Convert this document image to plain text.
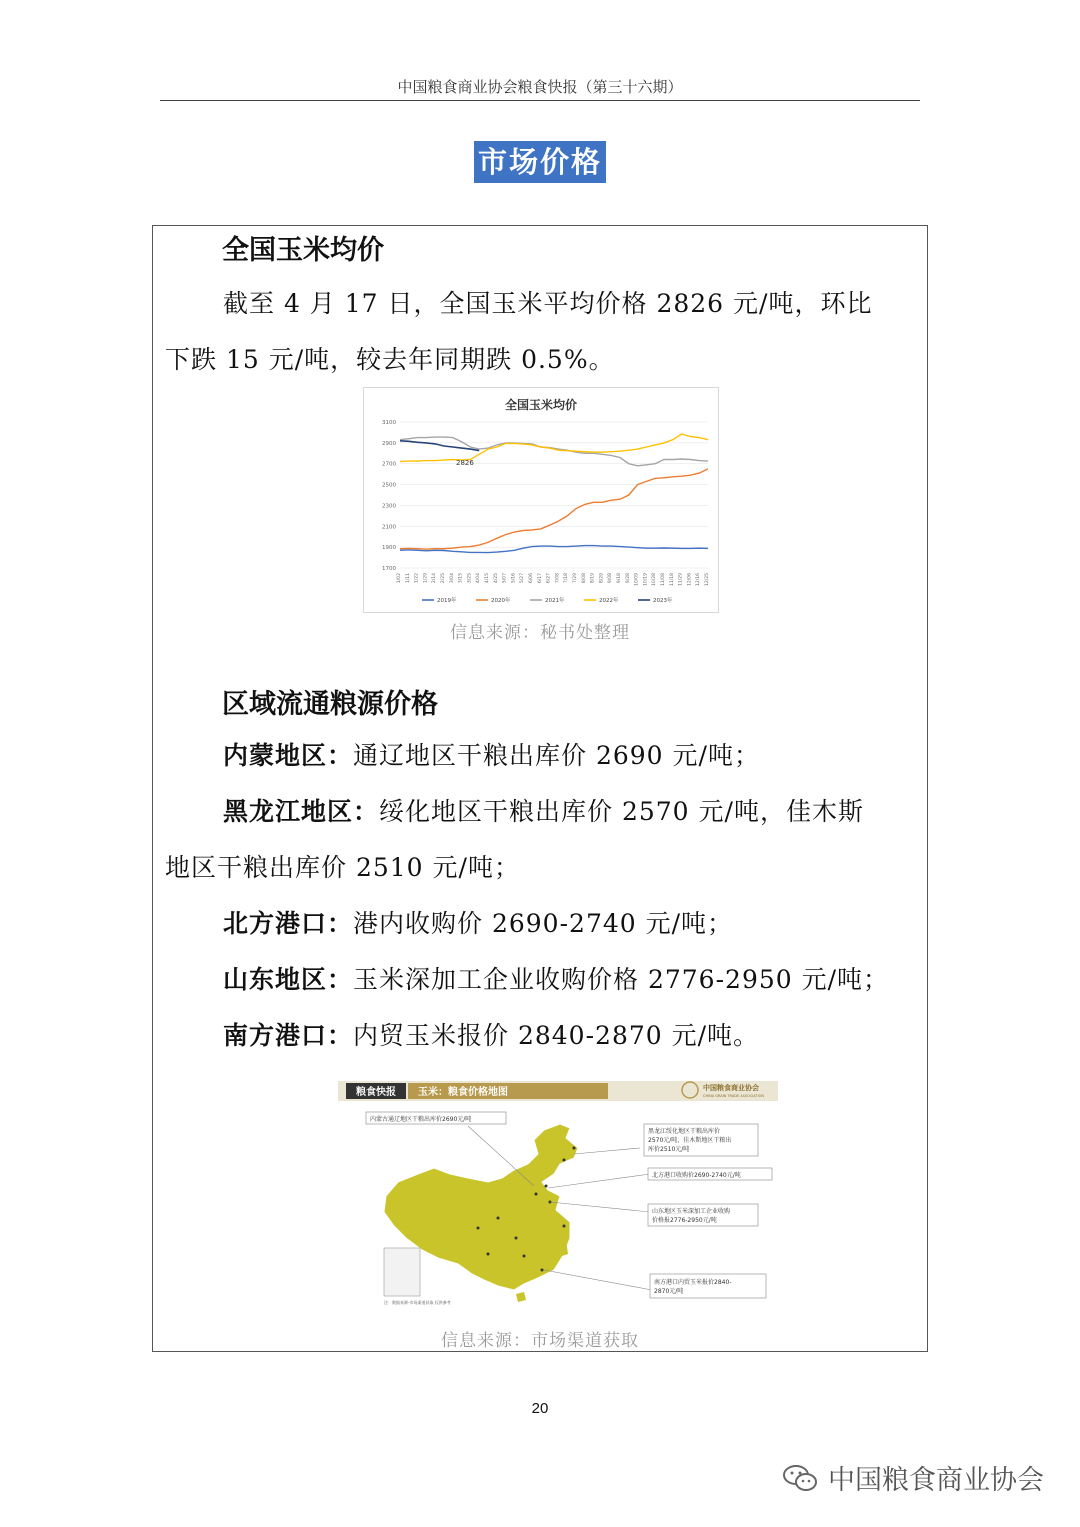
中国粮食商业协会粮食快报（第三十六期）
市场价格
全国玉米均价
截至 4 月 17 日，全国玉米平均价格 2826 元/吨，环比
下跌 15 元/吨，较去年同期跌 0.5%。
全国玉米均价
3100
2900
2700
2500
2300
2100
1900
1700
1/02 1/11 1/22 1/29 2/14 2/25 3/04 3/15 3/25 4/04 4/15 4/25 5/07 5/16 5/27 6/06 6/17 6/27 7/08 7/18 7/29 8/08 8/19 8/29 9/08 9/18 9/28 10/09 10/19 10/28 11/08 11/18 11/29 12/06 12/16 12/25
2826
2019年	2020年	2021年	2022年	2023年
信息来源：秘书处整理
区域流通粮源价格
内蒙地区：通辽地区干粮出库价 2690 元/吨；
黑龙江地区：绥化地区干粮出库价 2570 元/吨，佳木斯
地区干粮出库价 2510 元/吨；
北方港口：港内收购价 2690-2740 元/吨；
山东地区：玉米深加工企业收购价格 2776-2950 元/吨；
南方港口：内贸玉米报价 2840-2870 元/吨。
粮食快报 玉米：粮食价格地图	中国粮食商业协会
CHINA GRAIN TRADE ASSOCIATION
注：数据来源-市场渠道获取 仅供参考
内蒙古通辽地区干粮出库价2690元/吨
黑龙江绥化地区干粮出库价
2570元/吨，佳木斯地区干粮出
库价2510元/吨
北方港口收购价2690-2740元/吨
山东地区玉米深加工企业收购
价格报2776-2950元/吨
南方港口内贸玉米报价2840-
2870元/吨
信息来源：市场渠道获取
20
中国粮食商业协会
